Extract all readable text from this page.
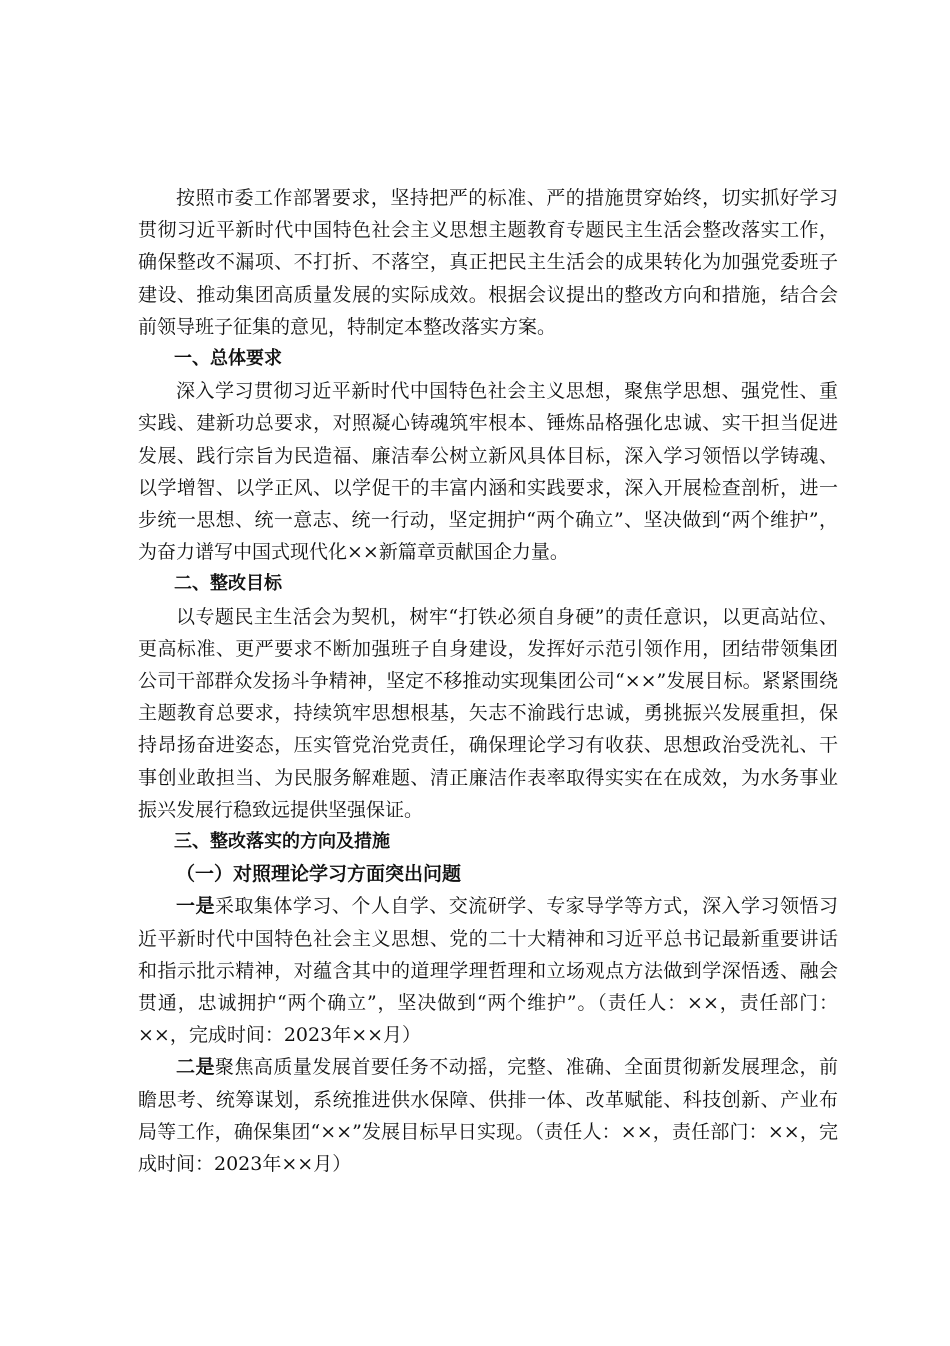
按照市委工作部署要求，坚持把严的标准、严的措施贯穿始终，切实抓好学习贯彻习近平新时代中国特色社会主义思想主题教育专题民主生活会整改落实工作，确保整改不漏项、不打折、不落空，真正把民主生活会的成果转化为加强党委班子建设、推动集团高质量发展的实际成效。根据会议提出的整改方向和措施，结合会前领导班子征集的意见，特制定本整改落实方案。

一、总体要求

深入学习贯彻习近平新时代中国特色社会主义思想，聚焦学思想、强党性、重实践、建新功总要求，对照凝心铸魂筑牢根本、锤炼品格强化忠诚、实干担当促进发展、践行宗旨为民造福、廉洁奉公树立新风具体目标，深入学习领悟以学铸魂、以学增智、以学正风、以学促干的丰富内涵和实践要求，深入开展检查剖析，进一步统一思想、统一意志、统一行动，坚定拥护“两个确立”、坚决做到“两个维护”，为奋力谱写中国式现代化××新篇章贡献国企力量。

二、整改目标

以专题民主生活会为契机，树牢“打铁必须自身硬”的责任意识，以更高站位、更高标准、更严要求不断加强班子自身建设，发挥好示范引领作用，团结带领集团公司干部群众发扬斗争精神，坚定不移推动实现集团公司“××”发展目标。紧紧围绕主题教育总要求，持续筑牢思想根基，矢志不渝践行忠诚，勇挑振兴发展重担，保持昂扬奋进姿态，压实管党治党责任，确保理论学习有收获、思想政治受洗礼、干事创业敢担当、为民服务解难题、清正廉洁作表率取得实实在在成效，为水务事业振兴发展行稳致远提供坚强保证。

三、整改落实的方向及措施

（一）对照理论学习方面突出问题

一是采取集体学习、个人自学、交流研学、专家导学等方式，深入学习领悟习近平新时代中国特色社会主义思想、党的二十大精神和习近平总书记最新重要讲话和指示批示精神，对蕴含其中的道理学理哲理和立场观点方法做到学深悟透、融会贯通，忠诚拥护“两个确立”，坚决做到“两个维护”。（责任人：××，责任部门：××，完成时间：2023年××月）

二是聚焦高质量发展首要任务不动摇，完整、准确、全面贯彻新发展理念，前瞻思考、统筹谋划，系统推进供水保障、供排一体、改革赋能、科技创新、产业布局等工作，确保集团“××”发展目标早日实现。（责任人：××，责任部门：××，完成时间：2023年××月）
